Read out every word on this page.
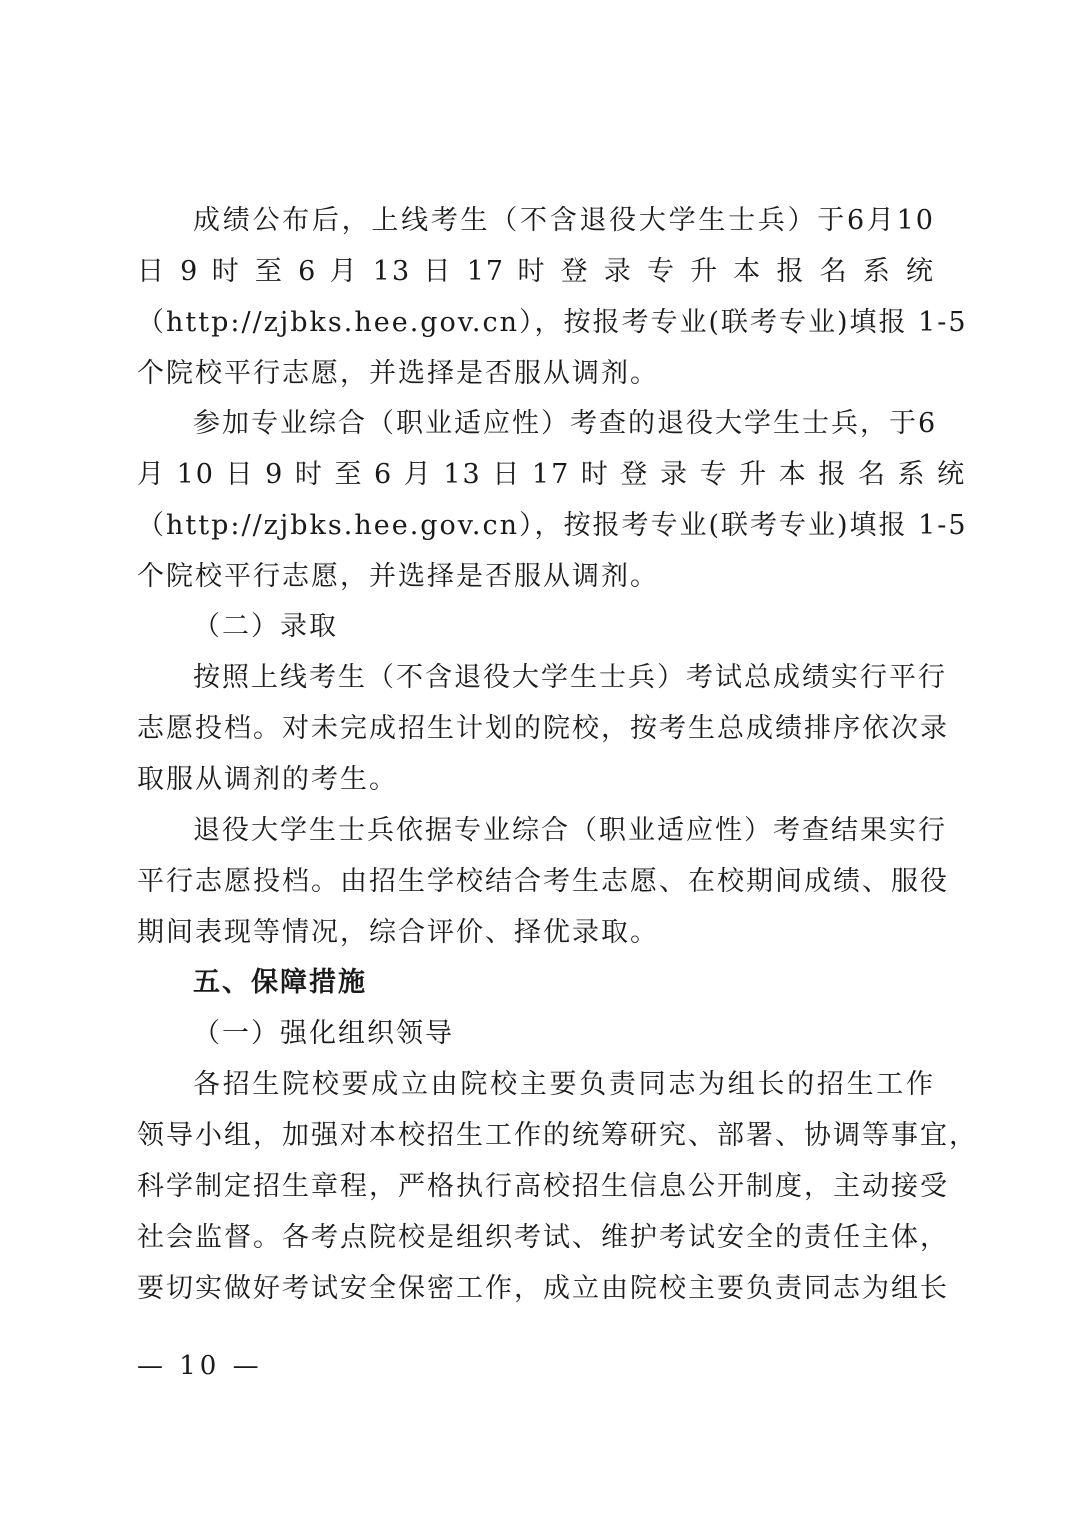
成绩公布后，上线考生（不含退役大学生士兵）于6月10
日 9 时 至 6 月 13 日 17 时 登 录 专 升 本 报 名 系 统
（http://zjbks.hee.gov.cn），按报考专业(联考专业)填报 1-5
个院校平行志愿，并选择是否服从调剂。
参加专业综合（职业适应性）考查的退役大学生士兵，于6
月 10 日 9 时 至 6 月 13 日 17 时 登 录 专 升 本 报 名 系 统
（http://zjbks.hee.gov.cn），按报考专业(联考专业)填报 1-5
个院校平行志愿，并选择是否服从调剂。
（二）录取
按照上线考生（不含退役大学生士兵）考试总成绩实行平行
志愿投档。对未完成招生计划的院校，按考生总成绩排序依次录
取服从调剂的考生。
退役大学生士兵依据专业综合（职业适应性）考查结果实行
平行志愿投档。由招生学校结合考生志愿、在校期间成绩、服役
期间表现等情况，综合评价、择优录取。
五、保障措施
（一）强化组织领导
各招生院校要成立由院校主要负责同志为组长的招生工作
领导小组，加强对本校招生工作的统筹研究、部署、协调等事宜，
科学制定招生章程，严格执行高校招生信息公开制度，主动接受
社会监督。各考点院校是组织考试、维护考试安全的责任主体，
要切实做好考试安全保密工作，成立由院校主要负责同志为组长
— 10 —
